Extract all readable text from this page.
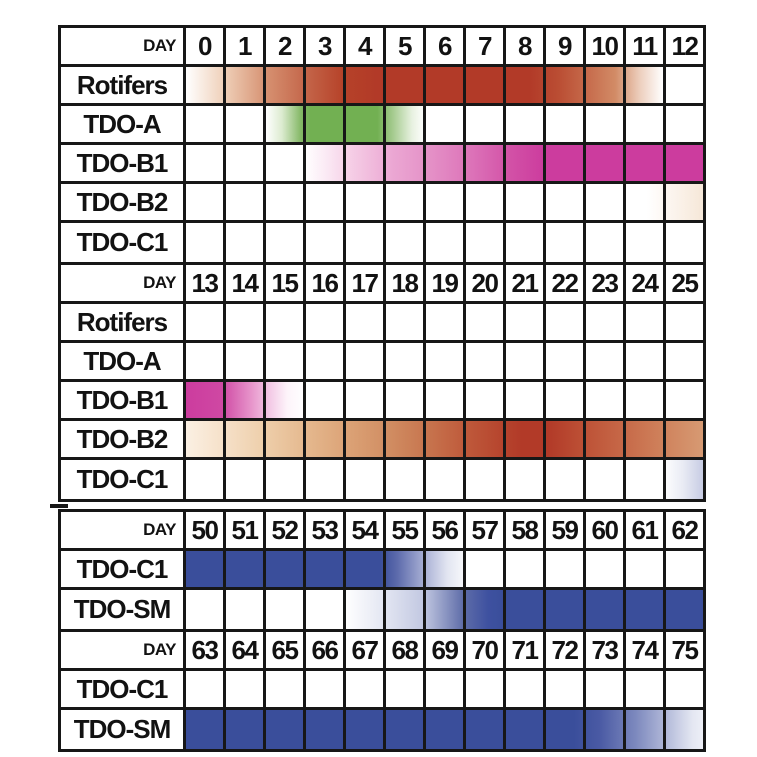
DAY 0	1	2	3	4	5	6	7	8	9 10 11 12
Rotifers
TDO-A
TDO-B1
TDO-B2
TDO-C1
DAY 13 14 15 16 17 18 19 20 21 22 23 24 25
Rotifers
TDO-A
TDO-B1
TDO-B2
TDO-C1
DAY 50 51 52 53 54 55 56 57 58 59 60 61 62
TDO-C1
TDO-SM
DAY 63 64 65 66 67 68 69 70 71 72 73 74 75
TDO-C1
TDO-SM
